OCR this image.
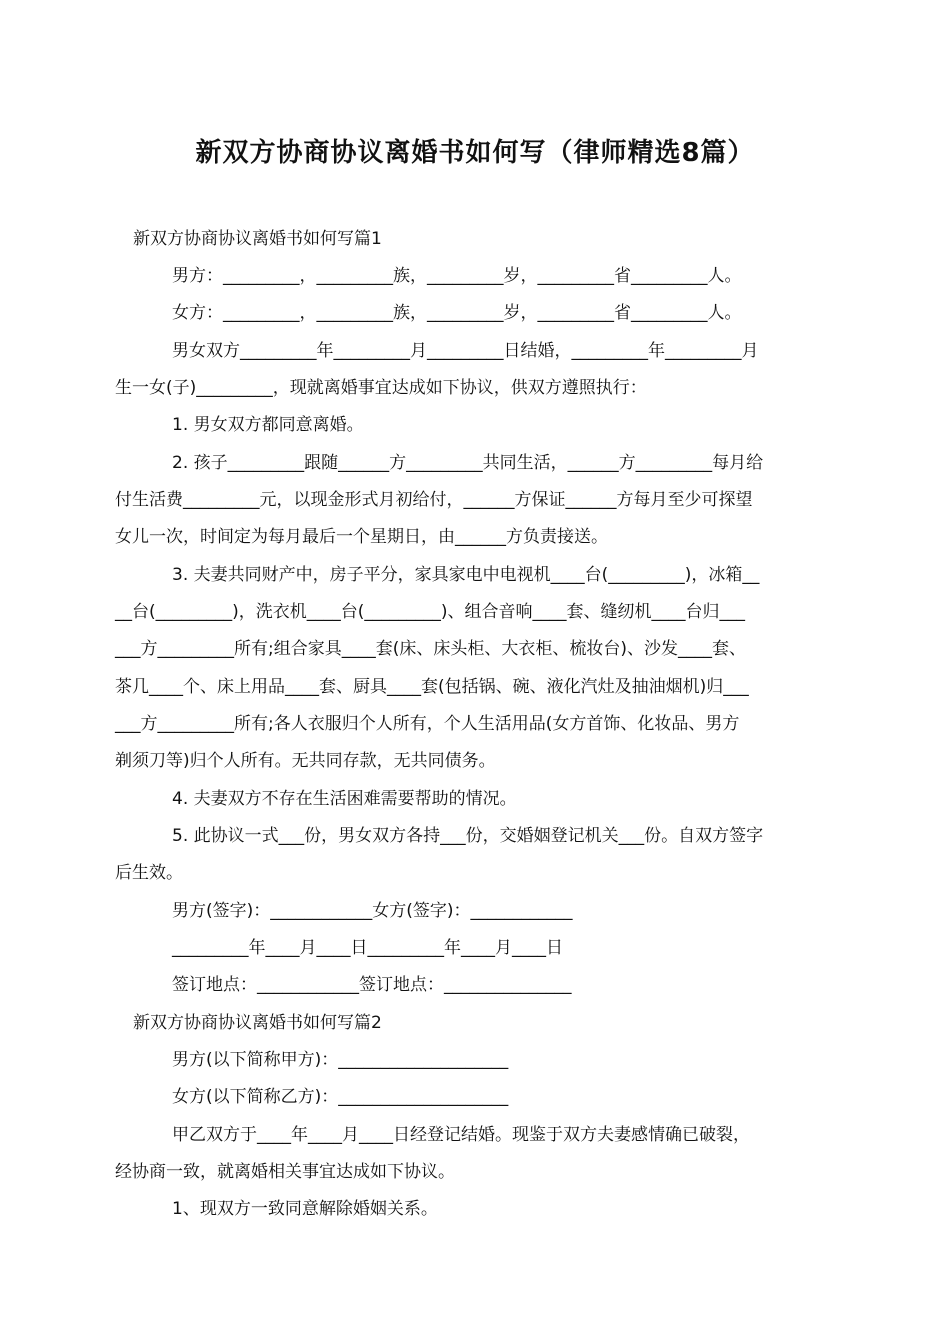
新双方协商协议离婚书如何写（律师精选8篇）
新双方协商协议离婚书如何写篇1
男方：_________，_________族，_________岁，_________省_________人。
女方：_________，_________族，_________岁，_________省_________人。
男女双方_________年_________月_________日结婚，_________年_________月
生一女(子)_________，现就离婚事宜达成如下协议，供双方遵照执行：
1. 男女双方都同意离婚。
2. 孩子_________跟随______方_________共同生活，______方_________每月给
付生活费_________元，以现金形式月初给付，______方保证______方每月至少可探望
女儿一次，时间定为每月最后一个星期日，由______方负责接送。
3. 夫妻共同财产中，房子平分，家具家电中电视机____台(_________)，冰箱__
__台(_________)，洗衣机____台(_________)、组合音响____套、缝纫机____台归___
___方_________所有;组合家具____套(床、床头柜、大衣柜、梳妆台)、沙发____套、
茶几____个、床上用品____套、厨具____套(包括锅、碗、液化汽灶及抽油烟机)归___
___方_________所有;各人衣服归个人所有，个人生活用品(女方首饰、化妆品、男方
剃须刀等)归个人所有。无共同存款，无共同债务。
4. 夫妻双方不存在生活困难需要帮助的情况。
5. 此协议一式___份，男女双方各持___份，交婚姻登记机关___份。自双方签字
后生效。
男方(签字)：____________女方(签字)：____________
_________年____月____日_________年____月____日
签订地点：____________签订地点：_______________
新双方协商协议离婚书如何写篇2
男方(以下简称甲方)：____________________
女方(以下简称乙方)：____________________
甲乙双方于____年____月____日经登记结婚。现鉴于双方夫妻感情确已破裂，
经协商一致，就离婚相关事宜达成如下协议。
1、现双方一致同意解除婚姻关系。
